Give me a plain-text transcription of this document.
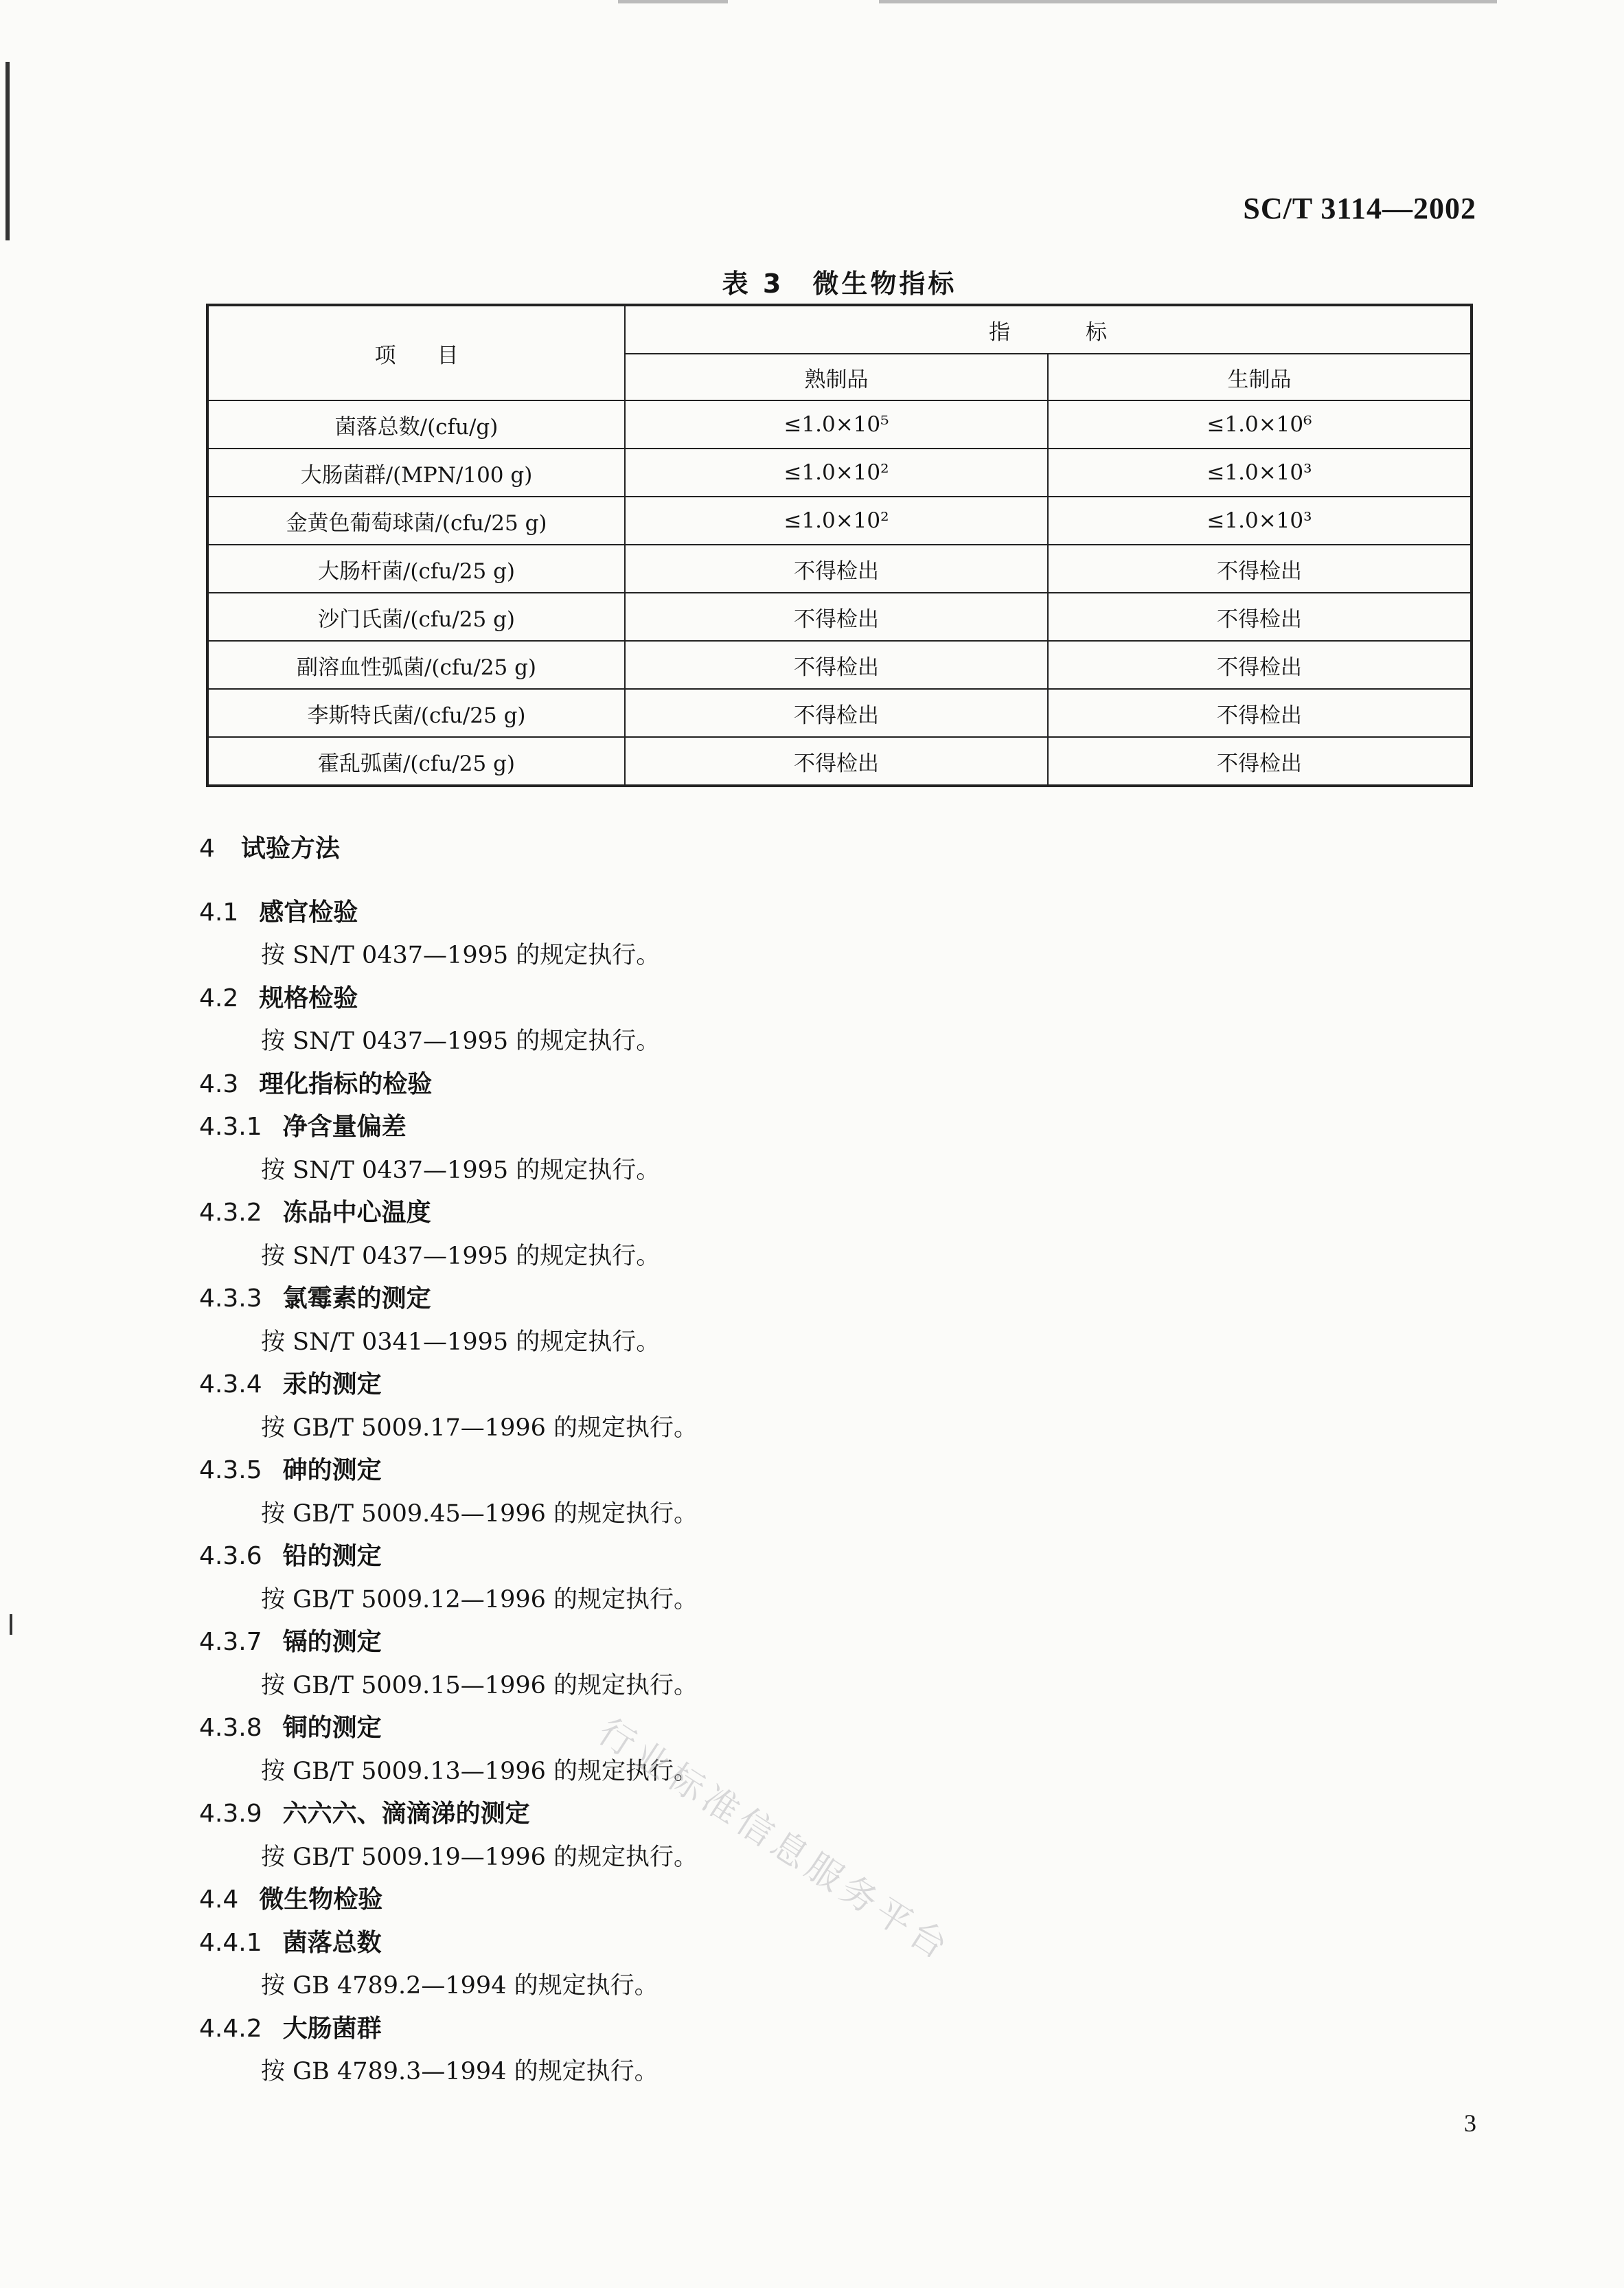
SC/T 3114—2002
表 3　微生物指标
项目	指标	
	熟制品	生制品
菌落总数/(cfu/g)	≤1.0×10⁵	≤1.0×10⁶
大肠菌群/(MPN/100 g)	≤1.0×10²	≤1.0×10³
金黄色葡萄球菌/(cfu/25 g)	≤1.0×10²	≤1.0×10³
大肠杆菌/(cfu/25 g)	不得检出	不得检出
沙门氏菌/(cfu/25 g)	不得检出	不得检出
副溶血性弧菌/(cfu/25 g)	不得检出	不得检出
李斯特氏菌/(cfu/25 g)	不得检出	不得检出
霍乱弧菌/(cfu/25 g)	不得检出	不得检出
4 试验方法
4.1 感官检验
按 SN/T 0437—1995 的规定执行。
4.2 规格检验
按 SN/T 0437—1995 的规定执行。
4.3 理化指标的检验
4.3.1 净含量偏差
按 SN/T 0437—1995 的规定执行。
4.3.2 冻品中心温度
按 SN/T 0437—1995 的规定执行。
4.3.3 氯霉素的测定
按 SN/T 0341—1995 的规定执行。
4.3.4 汞的测定
按 GB/T 5009.17—1996 的规定执行。
4.3.5 砷的测定
按 GB/T 5009.45—1996 的规定执行。
4.3.6 铅的测定
按 GB/T 5009.12—1996 的规定执行。
4.3.7 镉的测定
按 GB/T 5009.15—1996 的规定执行。
4.3.8 铜的测定
按 GB/T 5009.13—1996 的规定执行。
4.3.9 六六六、滴滴涕的测定
按 GB/T 5009.19—1996 的规定执行。
4.4 微生物检验
4.4.1 菌落总数
按 GB 4789.2—1994 的规定执行。
4.4.2 大肠菌群
按 GB 4789.3—1994 的规定执行。
行业标准信息服务平台
3
